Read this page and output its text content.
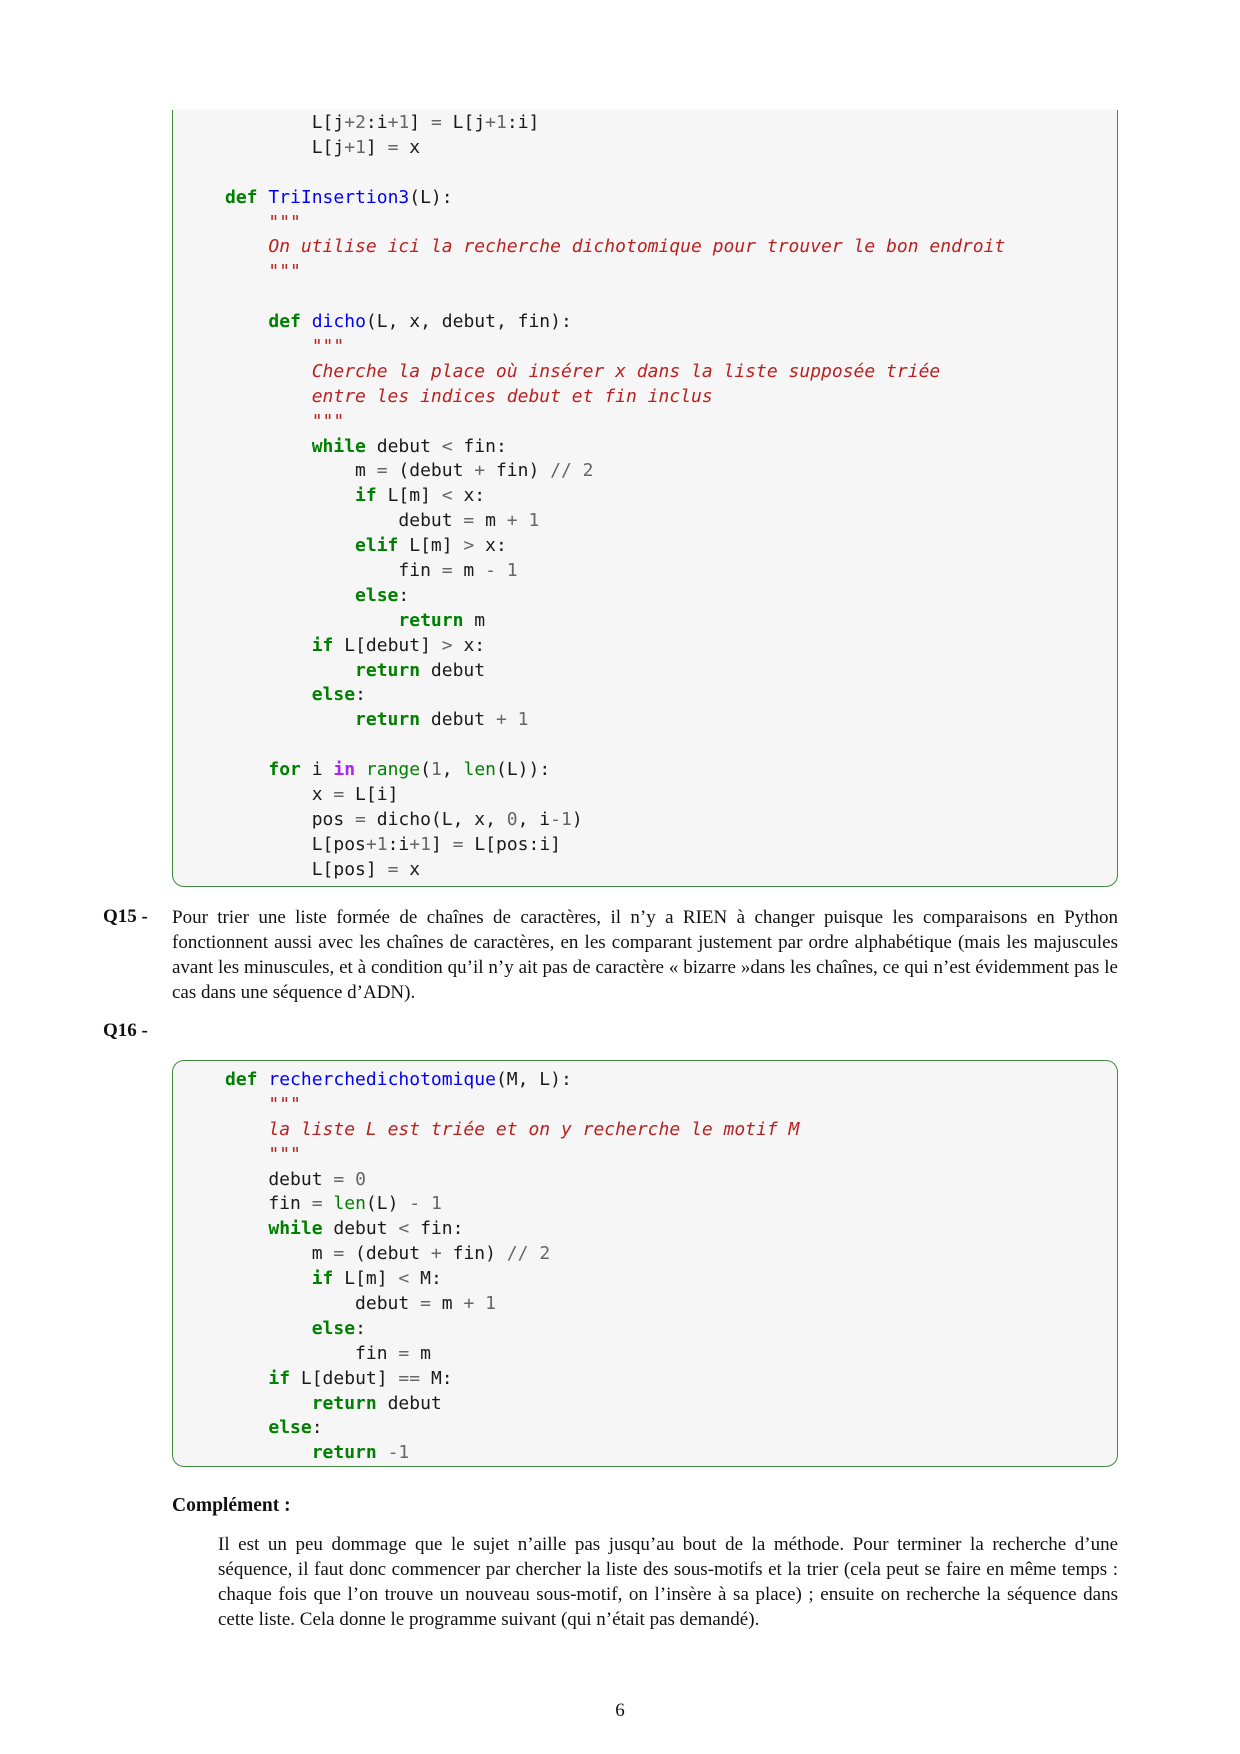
L[j+2:i+1] = L[j+1:i]
L[j+1] = x

def TriInsertion3(L):
"""
On utilise ici la recherche dichotomique pour trouver le bon endroit
"""

def dicho(L, x, debut, fin):
"""
Cherche la place où insérer x dans la liste supposée triée
entre les indices debut et fin inclus
"""
while debut < fin:
m = (debut + fin) // 2
if L[m] < x:
debut = m + 1
elif L[m] > x:
fin = m - 1
else:
return m
if L[debut] > x:
return debut
else:
return debut + 1

for i in range(1, len(L)):
x = L[i]
pos = dicho(L, x, 0, i-1)
L[pos+1:i+1] = L[pos:i]
L[pos] = x
Q15 - Pour trier une liste formée de chaînes de caractères, il n’y a RIEN à changer puisque les comparaisons en Python fonctionnent aussi avec les chaînes de caractères, en les comparant justement par ordre alphabétique (mais les majuscules avant les minuscules, et à condition qu’il n’y ait pas de caractère « bizarre »dans les chaînes, ce qui n’est évidemment pas le cas dans une séquence d’ADN).
Q16 -
def recherchedichotomique(M, L):
"""
la liste L est triée et on y recherche le motif M
"""
debut = 0
fin = len(L) - 1
while debut < fin:
m = (debut + fin) // 2
if L[m] < M:
debut = m + 1
else:
fin = m
if L[debut] == M:
return debut
else:
return -1
Complément :
Il est un peu dommage que le sujet n’aille pas jusqu’au bout de la méthode. Pour terminer la recherche d’une séquence, il faut donc commencer par chercher la liste des sous-motifs et la trier (cela peut se faire en même temps : chaque fois que l’on trouve un nouveau sous-motif, on l’insère à sa place) ; ensuite on recherche la séquence dans cette liste. Cela donne le programme suivant (qui n’était pas demandé).
6
